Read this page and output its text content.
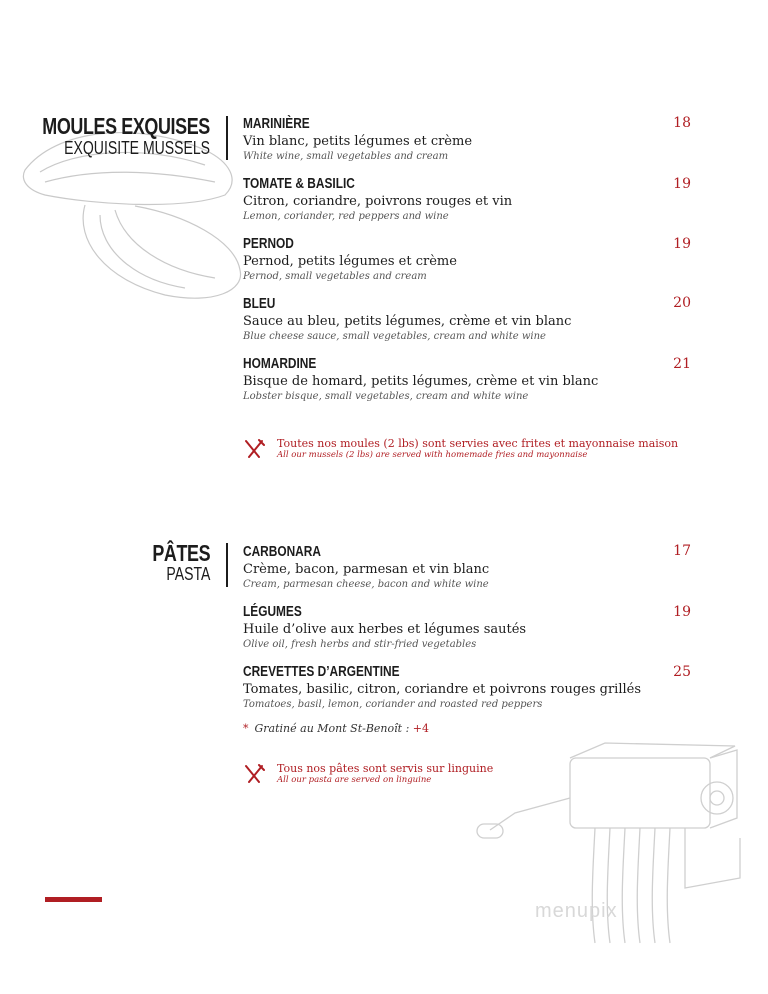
MOULES EXQUISES
EXQUISITE MUSSELS
MARINIÈRE
Vin blanc, petits légumes et crème
White wine, small vegetables and cream
18
TOMATE & BASILIC
Citron, coriandre, poivrons rouges et vin
Lemon, coriander, red peppers and wine
19
PERNOD
Pernod, petits légumes et crème
Pernod, small vegetables and cream
19
BLEU
Sauce au bleu, petits légumes, crème et vin blanc
Blue cheese sauce, small vegetables, cream and white wine
20
HOMARDINE
Bisque de homard, petits légumes, crème et vin blanc
Lobster bisque, small vegetables, cream and white wine
21
Toutes nos moules (2 lbs) sont servies avec frites et mayonnaise maison
All our mussels (2 lbs) are served with homemade fries and mayonnaise
PÂTES
PASTA
CARBONARA
Crème, bacon, parmesan et vin blanc
Cream, parmesan cheese, bacon and white wine
17
LÉGUMES
Huile d’olive aux herbes et légumes sautés
Olive oil, fresh herbs and stir-fried vegetables
19
CREVETTES D’ARGENTINE
Tomates, basilic, citron, coriandre et poivrons rouges grillés
Tomatoes, basil, lemon, coriander and roasted red peppers
25
* Gratiné au Mont St-Benoît : +4
Tous nos pâtes sont servis sur linguine
All our pasta are served on linguine
menupix
